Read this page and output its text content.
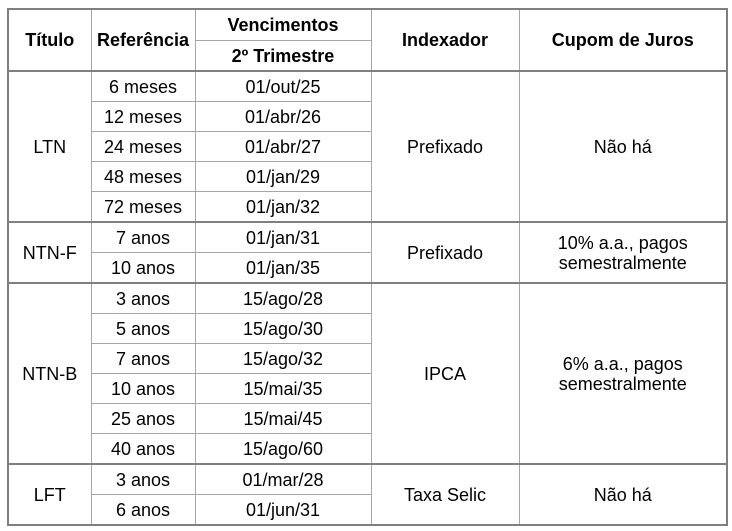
Título	Referência	Vencimentos	Indexador	Cupom de Juros
		2º Trimestre		
LTN	6 meses	01/out/25	Prefixado	Não há

	12 meses	01/abr/26		
	24 meses	01/abr/27		
	48 meses	01/jan/29		
	72 meses	01/jan/32		
NTN-F	7 anos	01/jan/31	Prefixado	10% a.a., pagos
semestralmente

	10 anos	01/jan/35		
NTN-B	3 anos	15/ago/28	IPCA	6% a.a., pagos
semestralmente

	5 anos	15/ago/30		
	7 anos	15/ago/32		
	10 anos	15/mai/35		
	25 anos	15/mai/45		
	40 anos	15/ago/60		
LFT	3 anos	01/mar/28	Taxa Selic	Não há

	6 anos	01/jun/31		
